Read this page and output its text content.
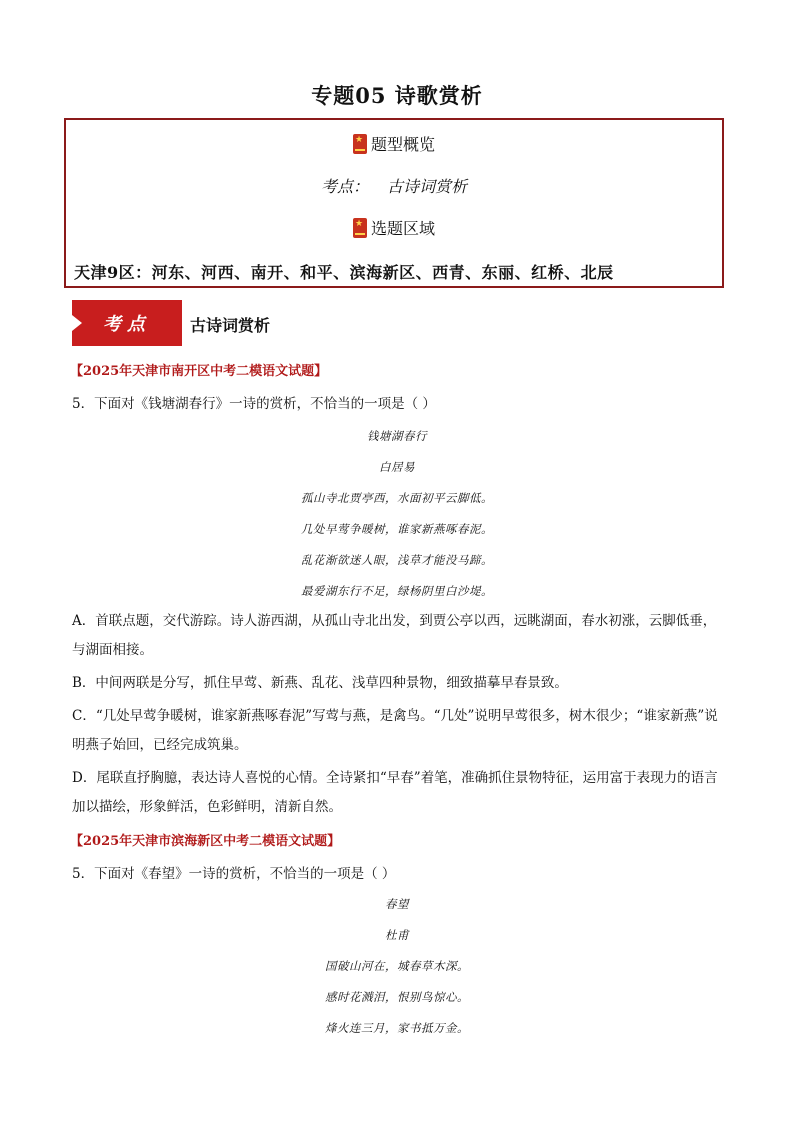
专题05 诗歌赏析
★题型概览
考点： 古诗词赏析
★选题区域
天津9区：河东、河西、南开、和平、滨海新区、西青、东丽、红桥、北辰
考点 古诗词赏析
【2025年天津市南开区中考二模语文试题】
5．下面对《钱塘湖春行》一诗的赏析，不恰当的一项是（ ）
钱塘湖春行
白居易
孤山寺北贾亭西，水面初平云脚低。
几处早莺争暖树，谁家新燕啄春泥。
乱花渐欲迷人眼，浅草才能没马蹄。
最爱湖东行不足，绿杨阴里白沙堤。
A．首联点题，交代游踪。诗人游西湖，从孤山寺北出发，到贾公亭以西，远眺湖面，春水初涨，云脚低垂，与湖面相接。
B．中间两联是分写，抓住早莺、新燕、乱花、浅草四种景物，细致描摹早春景致。
C．“几处早莺争暖树，谁家新燕啄春泥”写莺与燕，是禽鸟。“几处”说明早莺很多，树木很少；“谁家新燕”说明燕子始回，已经完成筑巢。
D．尾联直抒胸臆，表达诗人喜悦的心情。全诗紧扣“早春”着笔，准确抓住景物特征，运用富于表现力的语言加以描绘，形象鲜活，色彩鲜明，清新自然。
【2025年天津市滨海新区中考二模语文试题】
5．下面对《春望》一诗的赏析，不恰当的一项是（ ）
春望
杜甫
国破山河在，城春草木深。
感时花溅泪，恨别鸟惊心。
烽火连三月，家书抵万金。
